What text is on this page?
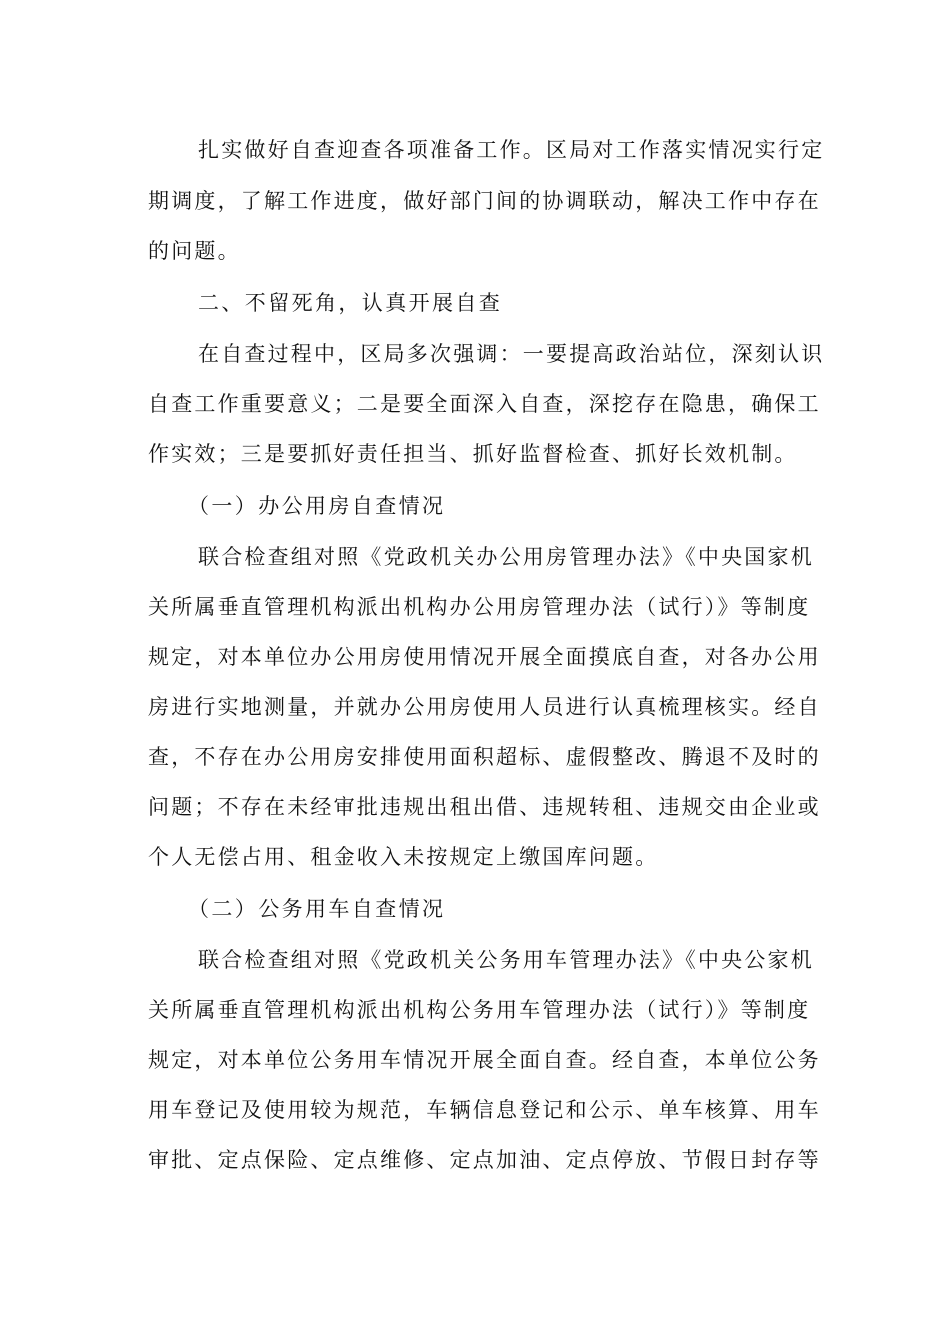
扎实做好自查迎查各项准备工作。区局对工作落实情况实行定
期调度，了解工作进度，做好部门间的协调联动，解决工作中存在
的问题。
二、不留死角，认真开展自查
在自查过程中，区局多次强调：一要提高政治站位，深刻认识
自查工作重要意义；二是要全面深入自查，深挖存在隐患，确保工
作实效；三是要抓好责任担当、抓好监督检查、抓好长效机制。
（一）办公用房自查情况
联合检查组对照《党政机关办公用房管理办法》《中央国家机
关所属垂直管理机构派出机构办公用房管理办法（试行）》等制度
规定，对本单位办公用房使用情况开展全面摸底自查，对各办公用
房进行实地测量，并就办公用房使用人员进行认真梳理核实。经自
查，不存在办公用房安排使用面积超标、虚假整改、腾退不及时的
问题；不存在未经审批违规出租出借、违规转租、违规交由企业或
个人无偿占用、租金收入未按规定上缴国库问题。
（二）公务用车自查情况
联合检查组对照《党政机关公务用车管理办法》《中央公家机
关所属垂直管理机构派出机构公务用车管理办法（试行）》等制度
规定，对本单位公务用车情况开展全面自查。经自查，本单位公务
用车登记及使用较为规范，车辆信息登记和公示、单车核算、用车
审批、定点保险、定点维修、定点加油、定点停放、节假日封存等
